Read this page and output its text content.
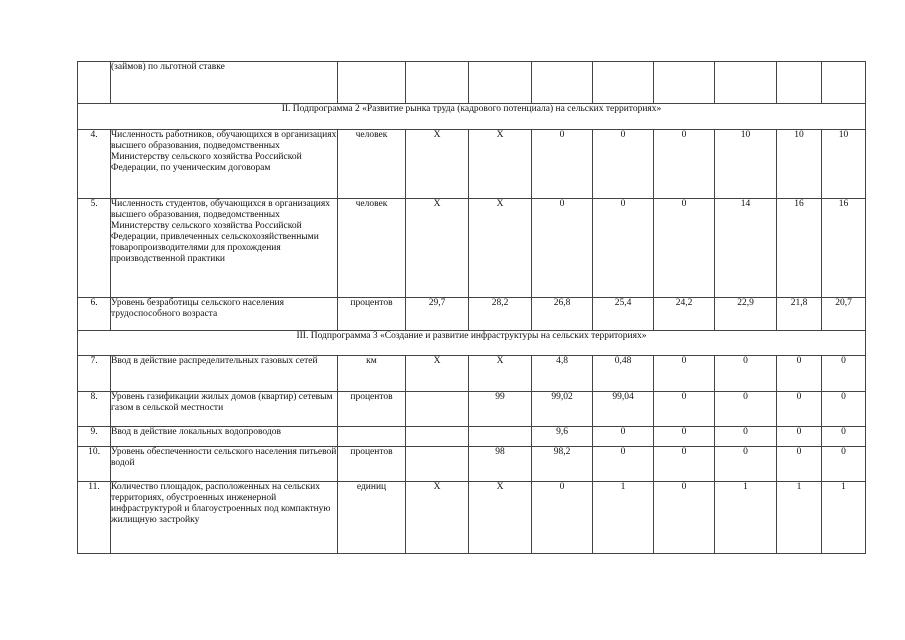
	(займов) по льготной ставке									
II. Подпрограмма 2 «Развитие рынка труда (кадрового потенциала) на сельских территориях»										
4.	Численность работников, обучающихся в организациях высшего образования, подведомственных Министерству сельского хозяйства Российской Федерации, по ученическим договорам	человек	Х	Х	0	0	0	10	10	10
5.	Численность студентов, обучающихся в организациях высшего образования, подведомственных Министерству сельского хозяйства Российской Федерации, привлеченных сельскохозяйственными товаропроизводителями для прохождения производственной практики	человек	Х	Х	0	0	0	14	16	16
6.	Уровень безработицы сельского населения трудоспособного возраста	процентов	29,7	28,2	26,8	25,4	24,2	22,9	21,8	20,7
III. Подпрограмма 3 «Создание и развитие инфраструктуры на сельских территориях»										
7.	Ввод в действие распределительных газовых сетей	км	Х	Х	4,8	0,48	0	0	0	0
8.	Уровень газификации жилых домов (квартир) сетевым газом в сельской местности	процентов		99	99,02	99,04	0	0	0	0
9.	Ввод в действие локальных водопроводов				9,6	0	0	0	0	0
10.	Уровень обеспеченности сельского населения питьевой водой	процентов		98	98,2	0	0	0	0	0
11.	Количество площадок, расположенных на сельских территориях, обустроенных инженерной инфраструктурой и благоустроенных под компактную жилищную застройку	единиц	Х	Х	0	1	0	1	1	1
